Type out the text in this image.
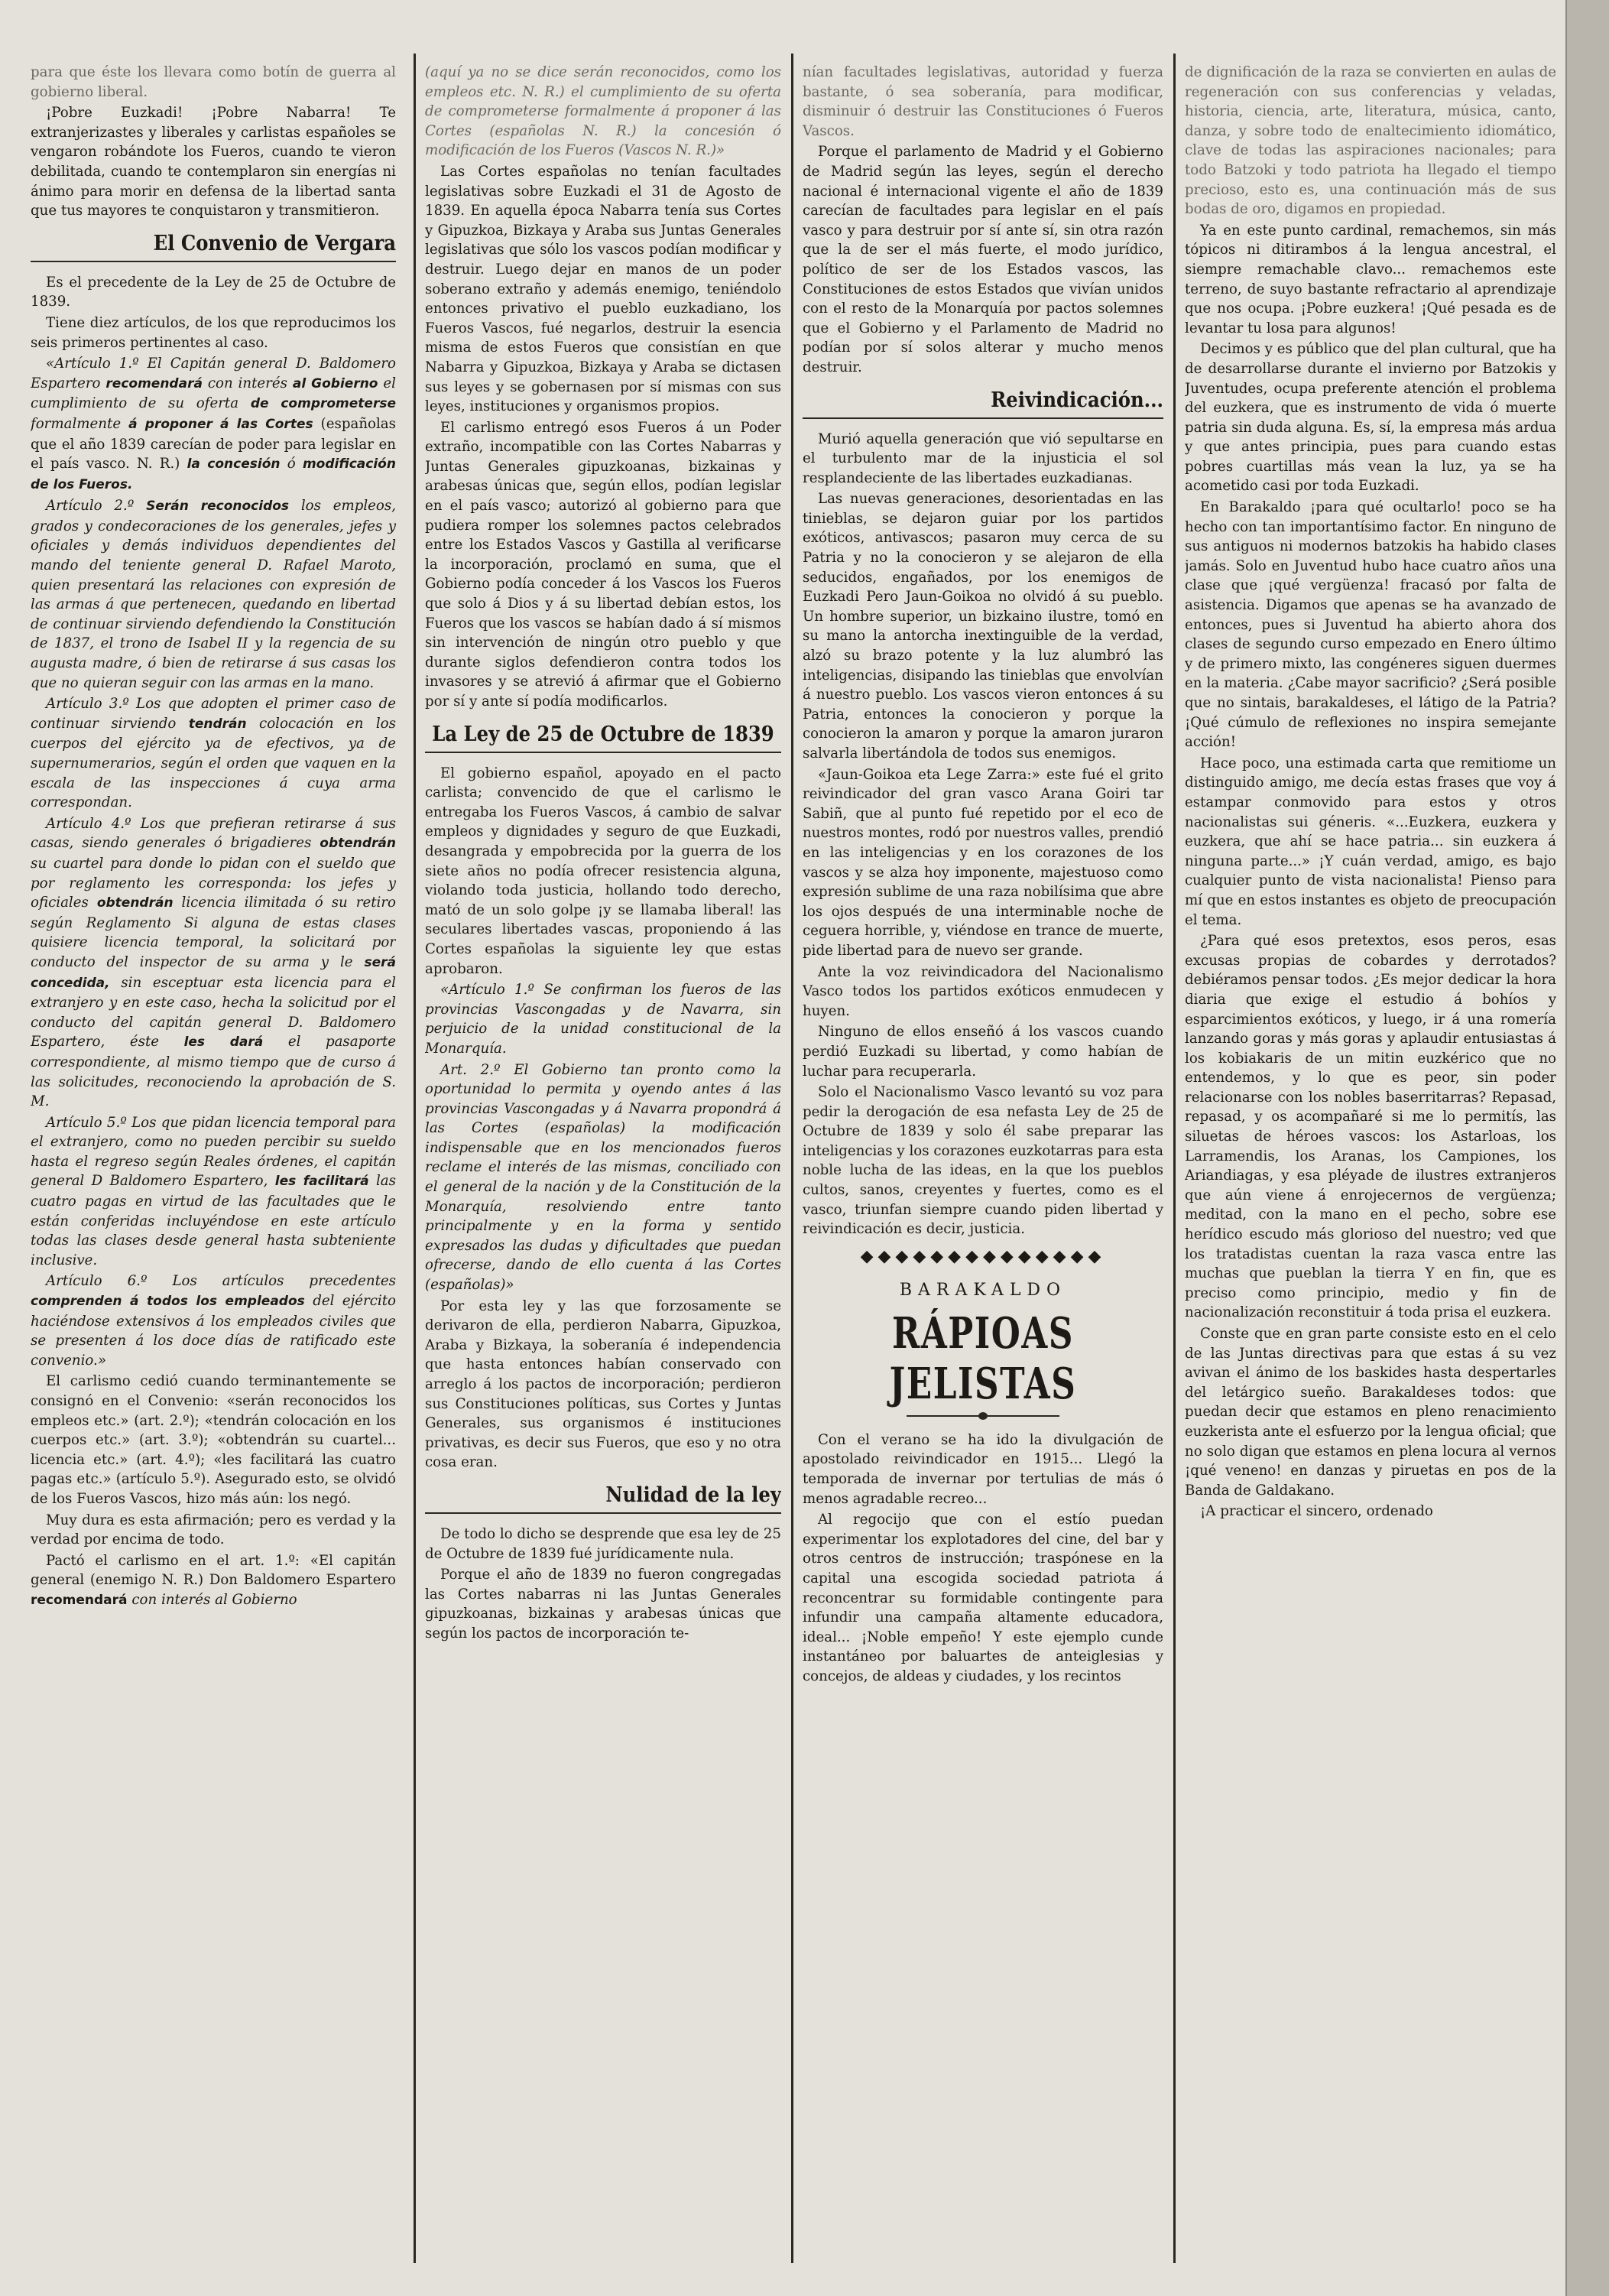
para que éste los llevara como botín de guerra al gobierno liberal.

¡Pobre Euzkadi! ¡Pobre Nabarra! Te extranjerizastes y liberales y carlistas españoles se vengaron robándote los Fueros, cuando te vieron debilitada, cuando te contemplaron sin energías ni ánimo para morir en defensa de la libertad santa que tus mayores te conquistaron y transmitieron.

El Convenio de Vergara

Es el precedente de la Ley de 25 de Octubre de 1839.

Tiene diez artículos, de los que reproducimos los seis primeros pertinentes al caso.

«Artículo 1.º El Capitán general D. Baldomero Espartero recomendará con interés al Gobierno el cumplimiento de su oferta de comprometerse formalmente á proponer á las Cortes (españolas que el año 1839 carecían de poder para legislar en el país vasco. N. R.) la concesión ó modificación de los Fueros.

Artículo 2.º Serán reconocidos los empleos, grados y condecoraciones de los generales, jefes y oficiales y demás individuos dependientes del mando del teniente general D. Rafael Maroto, quien presentará las relaciones con expresión de las armas á que pertenecen, quedando en libertad de continuar sirviendo defendiendo la Constitución de 1837, el trono de Isabel II y la regencia de su augusta madre, ó bien de retirarse á sus casas los que no quieran seguir con las armas en la mano.

Artículo 3.º Los que adopten el primer caso de continuar sirviendo tendrán colocación en los cuerpos del ejército ya de efectivos, ya de supernumerarios, según el orden que vaquen en la escala de las inspecciones á cuya arma correspondan.

Artículo 4.º Los que prefieran retirarse á sus casas, siendo generales ó brigadieres obtendrán su cuartel para donde lo pidan con el sueldo que por reglamento les corresponda: los jefes y oficiales obtendrán licencia ilimitada ó su retiro según Reglamento Si alguna de estas clases quisiere licencia temporal, la solicitará por conducto del inspector de su arma y le será concedida, sin esceptuar esta licencia para el extranjero y en este caso, hecha la solicitud por el conducto del capitán general D. Baldomero Espartero, éste les dará el pasaporte correspondiente, al mismo tiempo que de curso á las solicitudes, reconociendo la aprobación de S. M.

Artículo 5.º Los que pidan licencia temporal para el extranjero, como no pueden percibir su sueldo hasta el regreso según Reales órdenes, el capitán general D Baldomero Espartero, les facilitará las cuatro pagas en virtud de las facultades que le están conferidas incluyéndose en este artículo todas las clases desde general hasta subteniente inclusive.

Artículo 6.º Los artículos precedentes comprenden á todos los empleados del ejército haciéndose extensivos á los empleados civiles que se presenten á los doce días de ratificado este convenio.»

El carlismo cedió cuando terminantemente se consignó en el Convenio: «serán reconocidos los empleos etc.» (art. 2.º); «tendrán colocación en los cuerpos etc.» (art. 3.º); «obtendrán su cuartel... licencia etc.» (art. 4.º); «les facilitará las cuatro pagas etc.» (artículo 5.º). Asegurado esto, se olvidó de los Fueros Vascos, hizo más aún: los negó.

Muy dura es esta afirmación; pero es verdad y la verdad por encima de todo.

Pactó el carlismo en el art. 1.º: «El capitán general (enemigo N. R.) Don Baldomero Espartero recomendará con interés al Gobierno

(aquí ya no se dice serán reconocidos, como los empleos etc. N. R.) el cumplimiento de su oferta de comprometerse formalmente á proponer á las Cortes (españolas N. R.) la concesión ó modificación de los Fueros (Vascos N. R.)»

Las Cortes españolas no tenían facultades legislativas sobre Euzkadi el 31 de Agosto de 1839. En aquella época Nabarra tenía sus Cortes y Gipuzkoa, Bizkaya y Araba sus Juntas Generales legislativas que sólo los vascos podían modificar y destruir. Luego dejar en manos de un poder soberano extraño y además enemigo, teniéndolo entonces privativo el pueblo euzkadiano, los Fueros Vascos, fué negarlos, destruir la esencia misma de estos Fueros que consistían en que Nabarra y Gipuzkoa, Bizkaya y Araba se dictasen sus leyes y se gobernasen por sí mismas con sus leyes, instituciones y organismos propios.

El carlismo entregó esos Fueros á un Poder extraño, incompatible con las Cortes Nabarras y Juntas Generales gipuzkoanas, bizkainas y arabesas únicas que, según ellos, podían legislar en el país vasco; autorizó al gobierno para que pudiera romper los solemnes pactos celebrados entre los Estados Vascos y Gastilla al verificarse la incorporación, proclamó en suma, que el Gobierno podía conceder á los Vascos los Fueros que solo á Dios y á su libertad debían estos, los Fueros que los vascos se habían dado á sí mismos sin intervención de ningún otro pueblo y que durante siglos defendieron contra todos los invasores y se atrevió á afirmar que el Gobierno por sí y ante sí podía modificarlos.

La Ley de 25 de Octubre de 1839

El gobierno español, apoyado en el pacto carlista; convencido de que el carlismo le entregaba los Fueros Vascos, á cambio de salvar empleos y dignidades y seguro de que Euzkadi, desangrada y empobrecida por la guerra de los siete años no podía ofrecer resistencia alguna, violando toda justicia, hollando todo derecho, mató de un solo golpe ¡y se llamaba liberal! las seculares libertades vascas, proponiendo á las Cortes españolas la siguiente ley que estas aprobaron.

«Artículo 1.º Se confirman los fueros de las provincias Vascongadas y de Navarra, sin perjuicio de la unidad constitucional de la Monarquía.

Art. 2.º El Gobierno tan pronto como la oportunidad lo permita y oyendo antes á las provincias Vascongadas y á Navarra propondrá á las Cortes (españolas) la modificación indispensable que en los mencionados fueros reclame el interés de las mismas, conciliado con el general de la nación y de la Constitución de la Monarquía, resolviendo entre tanto principalmente y en la forma y sentido expresados las dudas y dificultades que puedan ofrecerse, dando de ello cuenta á las Cortes (españolas)»

Por esta ley y las que forzosamente se derivaron de ella, perdieron Nabarra, Gipuzkoa, Araba y Bizkaya, la soberanía é independencia que hasta entonces habían conservado con arreglo á los pactos de incorporación; perdieron sus Constituciones políticas, sus Cortes y Juntas Generales, sus organismos é instituciones privativas, es decir sus Fueros, que eso y no otra cosa eran.

Nulidad de la ley

De todo lo dicho se desprende que esa ley de 25 de Octubre de 1839 fué jurídicamente nula.

Porque el año de 1839 no fueron congregadas las Cortes nabarras ni las Juntas Generales gipuzkoanas, bizkainas y arabesas únicas que según los pactos de incorporación te-

nían facultades legislativas, autoridad y fuerza bastante, ó sea soberanía, para modificar, disminuir ó destruir las Constituciones ó Fueros Vascos.

Porque el parlamento de Madrid y el Gobierno de Madrid según las leyes, según el derecho nacional é internacional vigente el año de 1839 carecían de facultades para legislar en el país vasco y para destruir por sí ante sí, sin otra razón que la de ser el más fuerte, el modo jurídico, político de ser de los Estados vascos, las Constituciones de estos Estados que vivían unidos con el resto de la Monarquía por pactos solemnes que el Gobierno y el Parlamento de Madrid no podían por sí solos alterar y mucho menos destruir.

Reivindicación...

Murió aquella generación que vió sepultarse en el turbulento mar de la injusticia el sol resplandeciente de las libertades euzkadianas.

Las nuevas generaciones, desorientadas en las tinieblas, se dejaron guiar por los partidos exóticos, antivascos; pasaron muy cerca de su Patria y no la conocieron y se alejaron de ella seducidos, engañados, por los enemigos de Euzkadi Pero Jaun-Goikoa no olvidó á su pueblo. Un hombre superior, un bizkaino ilustre, tomó en su mano la antorcha inextinguible de la verdad, alzó su brazo potente y la luz alumbró las inteligencias, disipando las tinieblas que envolvían á nuestro pueblo. Los vascos vieron entonces á su Patria, entonces la conocieron y porque la conocieron la amaron y porque la amaron juraron salvarla libertándola de todos sus enemigos.

«Jaun-Goikoa eta Lege Zarra:» este fué el grito reivindicador del gran vasco Arana Goiri tar Sabiñ, que al punto fué repetido por el eco de nuestros montes, rodó por nuestros valles, prendió en las inteligencias y en los corazones de los vascos y se alza hoy imponente, majestuoso como expresión sublime de una raza nobilísima que abre los ojos después de una interminable noche de ceguera horrible, y, viéndose en trance de muerte, pide libertad para de nuevo ser grande.

Ante la voz reivindicadora del Nacionalismo Vasco todos los partidos exóticos enmudecen y huyen.

Ninguno de ellos enseñó á los vascos cuando perdió Euzkadi su libertad, y como habían de luchar para recuperarla.

Solo el Nacionalismo Vasco levantó su voz para pedir la derogación de esa nefasta Ley de 25 de Octubre de 1839 y solo él sabe preparar las inteligencias y los corazones euzkotarras para esta noble lucha de las ideas, en la que los pueblos cultos, sanos, creyentes y fuertes, como es el vasco, triunfan siempre cuando piden libertad y reivindicación es decir, justicia.

◆◆◆◆◆◆◆◆◆◆◆◆◆◆
BARAKALDO
RÁPIOAS JELISTAS

Con el verano se ha ido la divulgación de apostolado reivindicador en 1915... Llegó la temporada de invernar por tertulias de más ó menos agradable recreo...

Al regocijo que con el estío puedan experimentar los explotadores del cine, del bar y otros centros de instrucción; traspónese en la capital una escogida sociedad patriota á reconcentrar su formidable contingente para infundir una campaña altamente educadora, ideal... ¡Noble empeño! Y este ejemplo cunde instantáneo por baluartes de anteiglesias y concejos, de aldeas y ciudades, y los recintos

de dignificación de la raza se convierten en aulas de regeneración con sus conferencias y veladas, historia, ciencia, arte, literatura, música, canto, danza, y sobre todo de enaltecimiento idiomático, clave de todas las aspiraciones nacionales; para todo Batzoki y todo patriota ha llegado el tiempo precioso, esto es, una continuación más de sus bodas de oro, digamos en propiedad.

Ya en este punto cardinal, remachemos, sin más tópicos ni ditirambos á la lengua ancestral, el siempre remachable clavo... remachemos este terreno, de suyo bastante refractario al aprendizaje que nos ocupa. ¡Pobre euzkera! ¡Qué pesada es de levantar tu losa para algunos!

Decimos y es público que del plan cultural, que ha de desarrollarse durante el invierno por Batzokis y Juventudes, ocupa preferente atención el problema del euzkera, que es instrumento de vida ó muerte patria sin duda alguna. Es, sí, la empresa más ardua y que antes principia, pues para cuando estas pobres cuartillas más vean la luz, ya se ha acometido casi por toda Euzkadi.

En Barakaldo ¡para qué ocultarlo! poco se ha hecho con tan importantísimo factor. En ninguno de sus antiguos ni modernos batzokis ha habido clases jamás. Solo en Juventud hubo hace cuatro años una clase que ¡qué vergüenza! fracasó por falta de asistencia. Digamos que apenas se ha avanzado de entonces, pues si Juventud ha abierto ahora dos clases de segundo curso empezado en Enero último y de primero mixto, las congéneres siguen duermes en la materia. ¿Cabe mayor sacrificio? ¿Será posible que no sintais, barakaldeses, el látigo de la Patria? ¡Qué cúmulo de reflexiones no inspira semejante acción!

Hace poco, una estimada carta que remitiome un distinguido amigo, me decía estas frases que voy á estampar conmovido para estos y otros nacionalistas sui géneris. «...Euzkera, euzkera y euzkera, que ahí se hace patria... sin euzkera á ninguna parte...» ¡Y cuán verdad, amigo, es bajo cualquier punto de vista nacionalista! Pienso para mí que en estos instantes es objeto de preocupación el tema.

¿Para qué esos pretextos, esos peros, esas excusas propias de cobardes y derrotados? debiéramos pensar todos. ¿Es mejor dedicar la hora diaria que exige el estudio á bohíos y esparcimientos exóticos, y luego, ir á una romería lanzando goras y más goras y aplaudir entusiastas á los kobiakaris de un mitin euzkérico que no entendemos, y lo que es peor, sin poder relacionarse con los nobles baserritarras? Repasad, repasad, y os acompañaré si me lo permitís, las siluetas de héroes vascos: los Astarloas, los Larramendis, los Aranas, los Campiones, los Ariandiagas, y esa pléyade de ilustres extranjeros que aún viene á enrojecernos de vergüenza; meditad, con la mano en el pecho, sobre ese herídico escudo más glorioso del nuestro; ved que los tratadistas cuentan la raza vasca entre las muchas que pueblan la tierra Y en fin, que es preciso como principio, medio y fin de nacionalización reconstituir á toda prisa el euzkera.

Conste que en gran parte consiste esto en el celo de las Juntas directivas para que estas á su vez avivan el ánimo de los baskides hasta despertarles del letárgico sueño. Barakaldeses todos: que puedan decir que estamos en pleno renacimiento euzkerista ante el esfuerzo por la lengua oficial; que no solo digan que estamos en plena locura al vernos ¡qué veneno! en danzas y piruetas en pos de la Banda de Galdakano.

¡A practicar el sincero, ordenado
